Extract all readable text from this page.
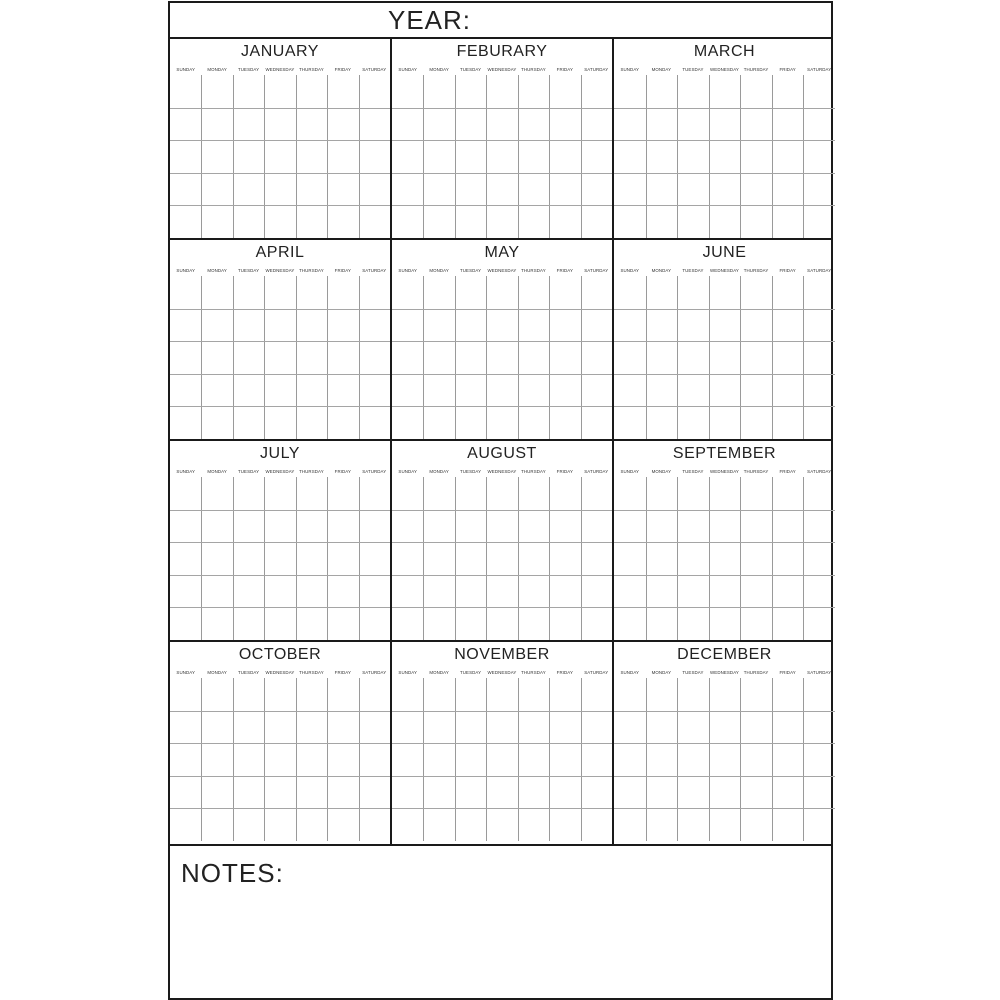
YEAR:
JANUARY
SUNDAY	MONDAY	TUESDAY	WEDNESDAY	THURSDAY	FRIDAY	SATURDAY
FEBURARY
SUNDAY	MONDAY	TUESDAY	WEDNESDAY	THURSDAY	FRIDAY	SATURDAY
MARCH
SUNDAY	MONDAY	TUESDAY	WEDNESDAY	THURSDAY	FRIDAY	SATURDAY
APRIL
SUNDAY	MONDAY	TUESDAY	WEDNESDAY	THURSDAY	FRIDAY	SATURDAY
MAY
SUNDAY	MONDAY	TUESDAY	WEDNESDAY	THURSDAY	FRIDAY	SATURDAY
JUNE
SUNDAY	MONDAY	TUESDAY	WEDNESDAY	THURSDAY	FRIDAY	SATURDAY
JULY
SUNDAY	MONDAY	TUESDAY	WEDNESDAY	THURSDAY	FRIDAY	SATURDAY
AUGUST
SUNDAY	MONDAY	TUESDAY	WEDNESDAY	THURSDAY	FRIDAY	SATURDAY
SEPTEMBER
SUNDAY	MONDAY	TUESDAY	WEDNESDAY	THURSDAY	FRIDAY	SATURDAY
OCTOBER
SUNDAY	MONDAY	TUESDAY	WEDNESDAY	THURSDAY	FRIDAY	SATURDAY
NOVEMBER
SUNDAY	MONDAY	TUESDAY	WEDNESDAY	THURSDAY	FRIDAY	SATURDAY
DECEMBER
SUNDAY	MONDAY	TUESDAY	WEDNESDAY	THURSDAY	FRIDAY	SATURDAY
NOTES:
